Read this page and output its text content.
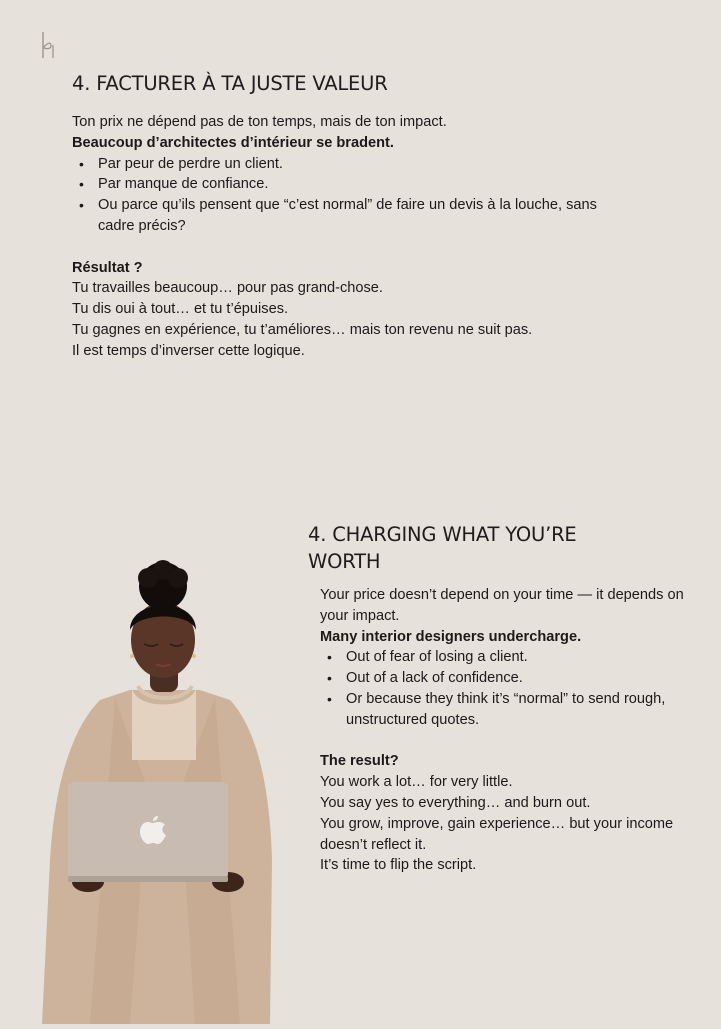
4. FACTURER À TA JUSTE VALEUR

Ton prix ne dépend pas de ton temps, mais de ton impact.

Beaucoup d’architectes d’intérieur se bradent.

• Par peur de perdre un client.
• Par manque de confiance.
• Ou parce qu’ils pensent que “c’est normal” de faire un devis à la louche, sans cadre précis?

Résultat ?

Tu travailles beaucoup… pour pas grand-chose.

Tu dis oui à tout… et tu t’épuises.

Tu gagnes en expérience, tu t’améliores… mais ton revenu ne suit pas.

Il est temps d’inverser cette logique.

4. CHARGING WHAT YOU’RE WORTH

Your price doesn’t depend on your time — it depends on your impact.

Many interior designers undercharge.

• Out of fear of losing a client.
• Out of a lack of confidence.
• Or because they think it’s “normal” to send rough, unstructured quotes.

The result?

You work a lot… for very little.

You say yes to everything… and burn out.

You grow, improve, gain experience… but your income doesn’t reflect it.

It’s time to flip the script.
